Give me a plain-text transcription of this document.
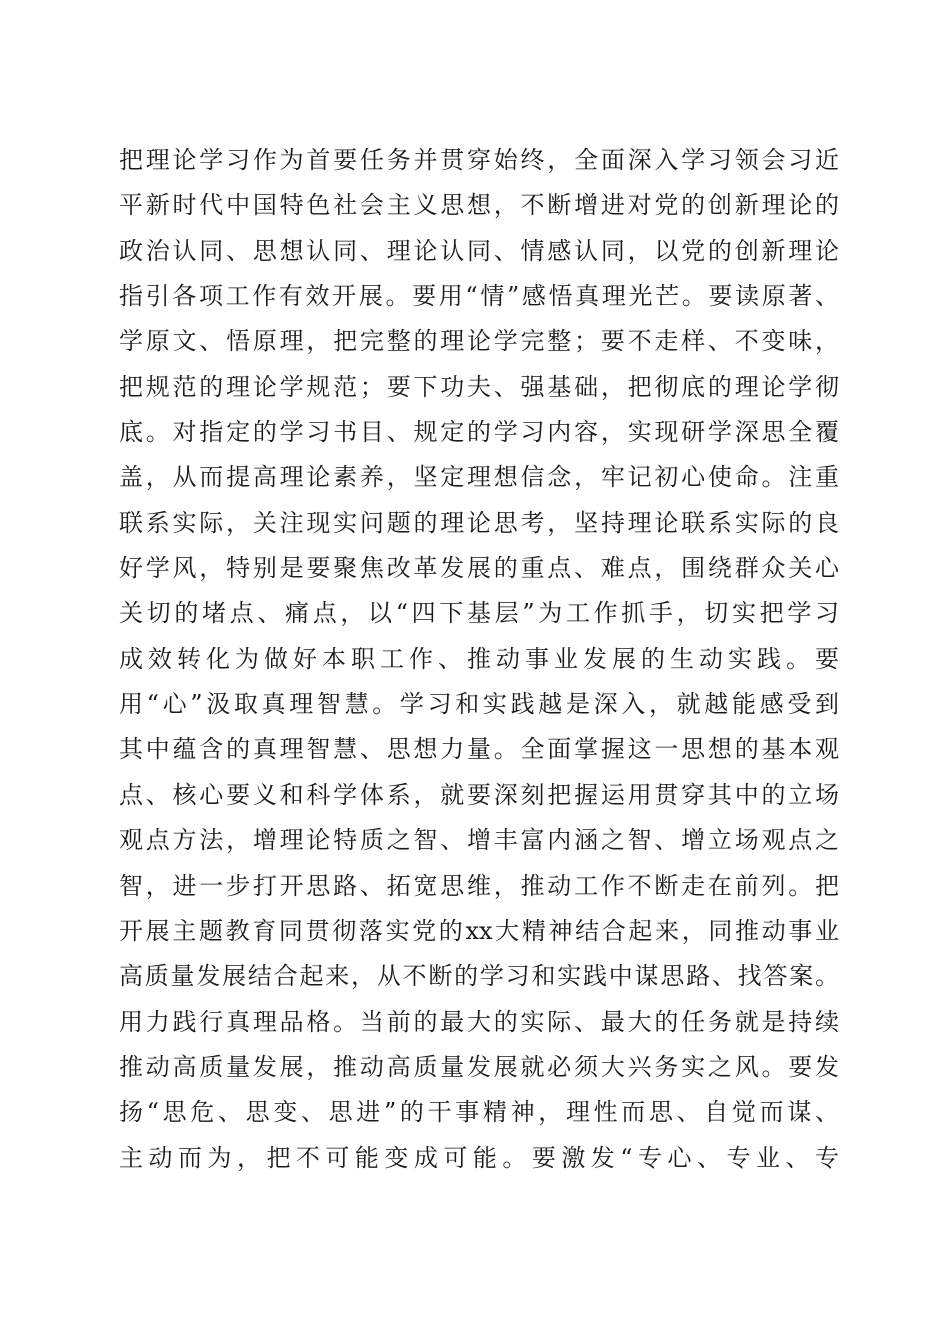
把理论学习作为首要任务并贯穿始终，全面深入学习领会习近
平新时代中国特色社会主义思想，不断增进对党的创新理论的
政治认同、思想认同、理论认同、情感认同，以党的创新理论
指引各项工作有效开展。要用“情”感悟真理光芒。要读原著、
学原文、悟原理，把完整的理论学完整；要不走样、不变味，
把规范的理论学规范；要下功夫、强基础，把彻底的理论学彻
底。对指定的学习书目、规定的学习内容，实现研学深思全覆
盖，从而提高理论素养，坚定理想信念，牢记初心使命。注重
联系实际，关注现实问题的理论思考，坚持理论联系实际的良
好学风，特别是要聚焦改革发展的重点、难点，围绕群众关心
关切的堵点、痛点，以“四下基层”为工作抓手，切实把学习
成效转化为做好本职工作、推动事业发展的生动实践。要
用“心”汲取真理智慧。学习和实践越是深入，就越能感受到
其中蕴含的真理智慧、思想力量。全面掌握这一思想的基本观
点、核心要义和科学体系，就要深刻把握运用贯穿其中的立场
观点方法，增理论特质之智、增丰富内涵之智、增立场观点之
智，进一步打开思路、拓宽思维，推动工作不断走在前列。把
开展主题教育同贯彻落实党的xx大精神结合起来，同推动事业
高质量发展结合起来，从不断的学习和实践中谋思路、找答案。
用力践行真理品格。当前的最大的实际、最大的任务就是持续
推动高质量发展，推动高质量发展就必须大兴务实之风。要发
扬“思危、思变、思进”的干事精神，理性而思、自觉而谋、
主动而为，把不可能变成可能。要激发“专心、专业、专
